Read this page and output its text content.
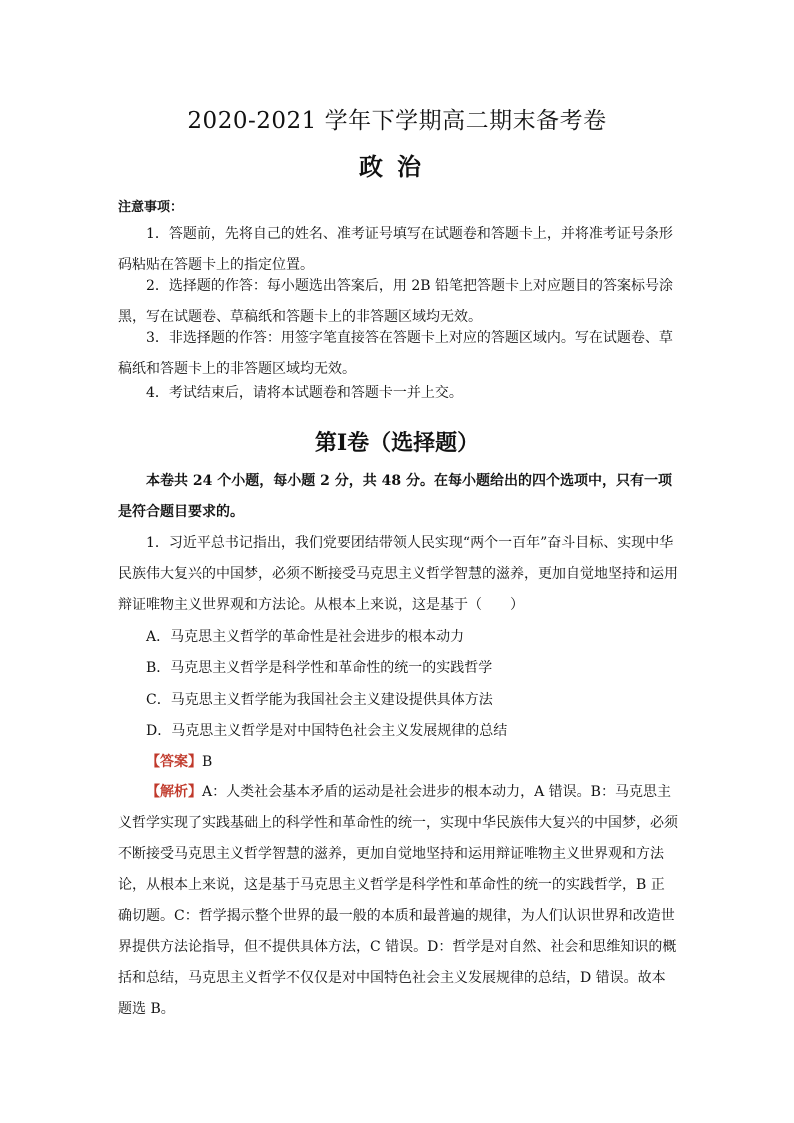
2020-2021 学年下学期高二期末备考卷
政治
注意事项：
1．答题前，先将自己的姓名、准考证号填写在试题卷和答题卡上，并将准考证号条形码粘贴在答题卡上的指定位置。
2．选择题的作答：每小题选出答案后，用 2B 铅笔把答题卡上对应题目的答案标号涂黑，写在试题卷、草稿纸和答题卡上的非答题区域均无效。
3．非选择题的作答：用签字笔直接答在答题卡上对应的答题区域内。写在试题卷、草稿纸和答题卡上的非答题区域均无效。
4．考试结束后，请将本试题卷和答题卡一并上交。
第Ⅰ卷（选择题）
本卷共 24 个小题，每小题 2 分，共 48 分。在每小题给出的四个选项中，只有一项是符合题目要求的。
1．习近平总书记指出，我们党要团结带领人民实现“两个一百年”奋斗目标、实现中华民族伟大复兴的中国梦，必须不断接受马克思主义哲学智慧的滋养，更加自觉地坚持和运用辩证唯物主义世界观和方法论。从根本上来说，这是基于（　　）
A．马克思主义哲学的革命性是社会进步的根本动力
B．马克思主义哲学是科学性和革命性的统一的实践哲学
C．马克思主义哲学能为我国社会主义建设提供具体方法
D．马克思主义哲学是对中国特色社会主义发展规律的总结
【答案】B
【解析】A：人类社会基本矛盾的运动是社会进步的根本动力，A 错误。B：马克思主义哲学实现了实践基础上的科学性和革命性的统一，实现中华民族伟大复兴的中国梦，必须不断接受马克思主义哲学智慧的滋养，更加自觉地坚持和运用辩证唯物主义世界观和方法论，从根本上来说，这是基于马克思主义哲学是科学性和革命性的统一的实践哲学，B 正确切题。C：哲学揭示整个世界的最一般的本质和最普遍的规律，为人们认识世界和改造世界提供方法论指导，但不提供具体方法，C 错误。D：哲学是对自然、社会和思维知识的概括和总结，马克思主义哲学不仅仅是对中国特色社会主义发展规律的总结，D 错误。故本题选 B。
